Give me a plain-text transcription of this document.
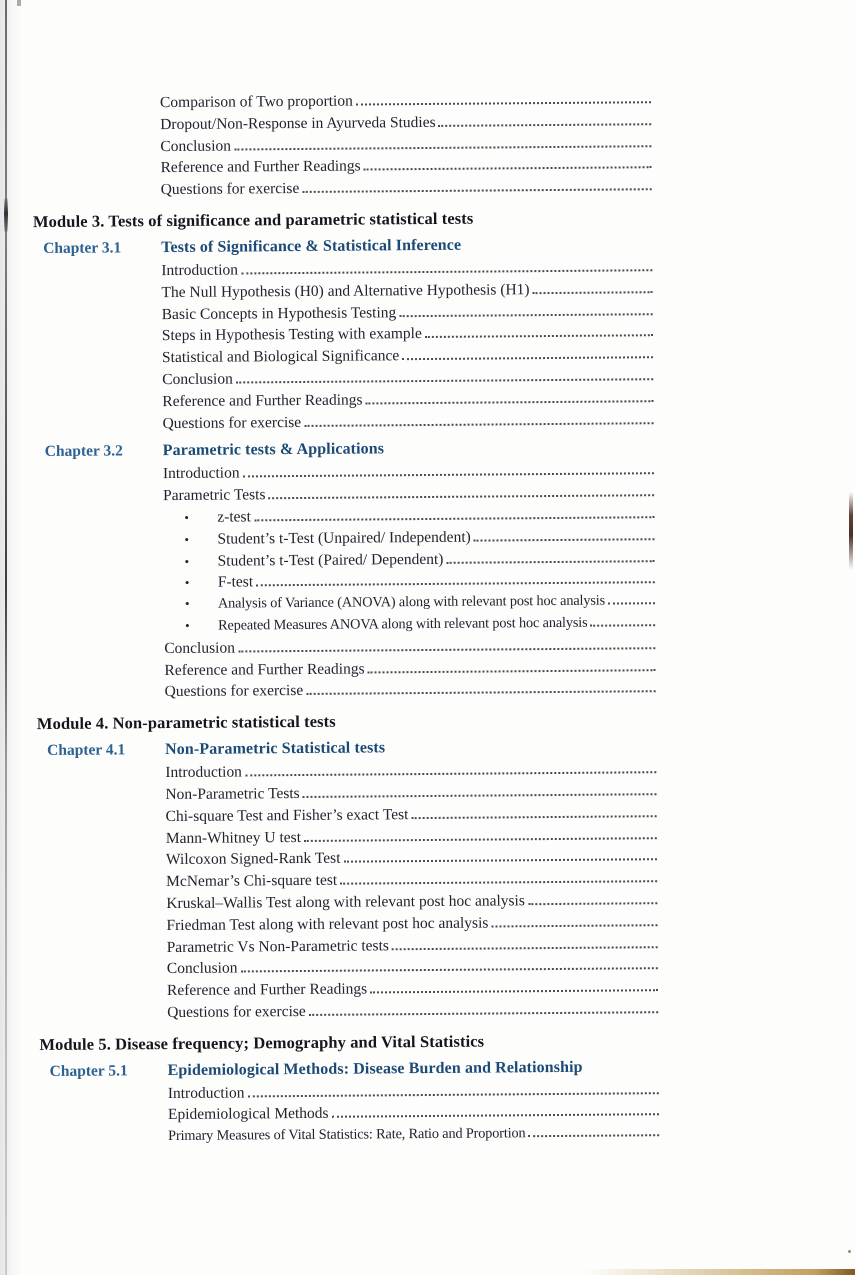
Comparison of Two proportion
Dropout/Non-Response in Ayurveda Studies
Conclusion
Reference and Further Readings
Questions for exercise
Module 3. Tests of significance and parametric statistical tests
Chapter 3.1	Tests of Significance & Statistical Inference
Introduction
The Null Hypothesis (H0) and Alternative Hypothesis (H1)
Basic Concepts in Hypothesis Testing
Steps in Hypothesis Testing with example
Statistical and Biological Significance
Conclusion
Reference and Further Readings
Questions for exercise
Chapter 3.2	Parametric tests & Applications
Introduction
Parametric Tests
•	z-test
•	Student’s t-Test (Unpaired/ Independent)
•	Student’s t-Test (Paired/ Dependent)
•	F-test
•	Analysis of Variance (ANOVA) along with relevant post hoc analysis
•	Repeated Measures ANOVA along with relevant post hoc analysis
Conclusion
Reference and Further Readings
Questions for exercise
Module 4. Non-parametric statistical tests
Chapter 4.1	Non-Parametric Statistical tests
Introduction
Non-Parametric Tests
Chi-square Test and Fisher’s exact Test
Mann-Whitney U test
Wilcoxon Signed-Rank Test
McNemar’s Chi-square test
Kruskal–Wallis Test along with relevant post hoc analysis
Friedman Test along with relevant post hoc analysis
Parametric Vs Non-Parametric tests
Conclusion
Reference and Further Readings
Questions for exercise
Module 5. Disease frequency; Demography and Vital Statistics
Chapter 5.1	Epidemiological Methods: Disease Burden and Relationship
Introduction
Epidemiological Methods
Primary Measures of Vital Statistics: Rate, Ratio and Proportion
